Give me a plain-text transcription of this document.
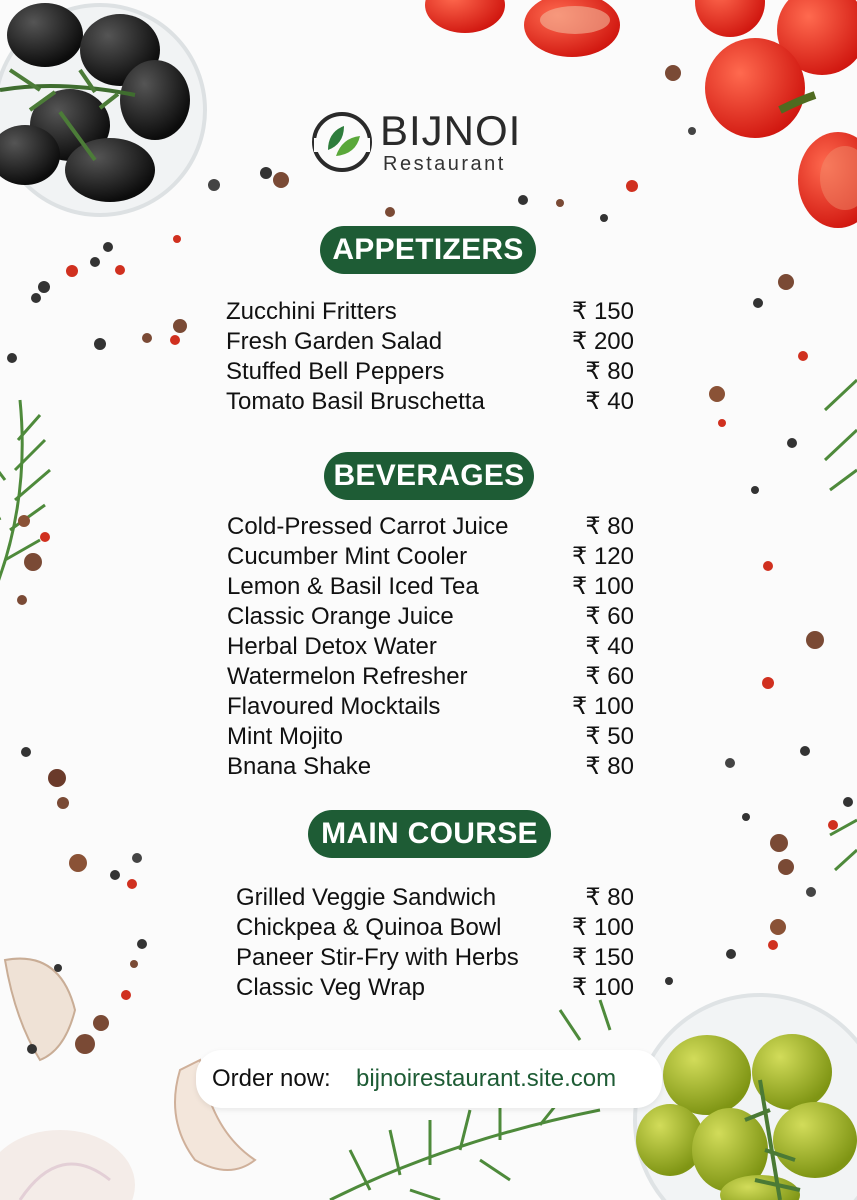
BIJNOI
Restaurant
APPETIZERS
Zucchini Fritters	₹ 150
Fresh Garden Salad	₹ 200
Stuffed Bell Peppers	₹ 80
Tomato Basil Bruschetta	₹ 40
BEVERAGES
Cold-Pressed Carrot Juice	₹ 80
Cucumber Mint Cooler	₹ 120
Lemon & Basil Iced Tea	₹ 100
Classic Orange Juice	₹ 60
Herbal Detox Water	₹ 40
Watermelon Refresher	₹ 60
Flavoured Mocktails	₹ 100
Mint Mojito	₹ 50
Bnana Shake	₹ 80
MAIN COURSE
Grilled Veggie Sandwich	₹ 80
Chickpea & Quinoa Bowl	₹ 100
Paneer Stir-Fry with Herbs ₹ 150
Classic Veg Wrap	₹ 100
Order now: bijnoirestaurant.site.com
